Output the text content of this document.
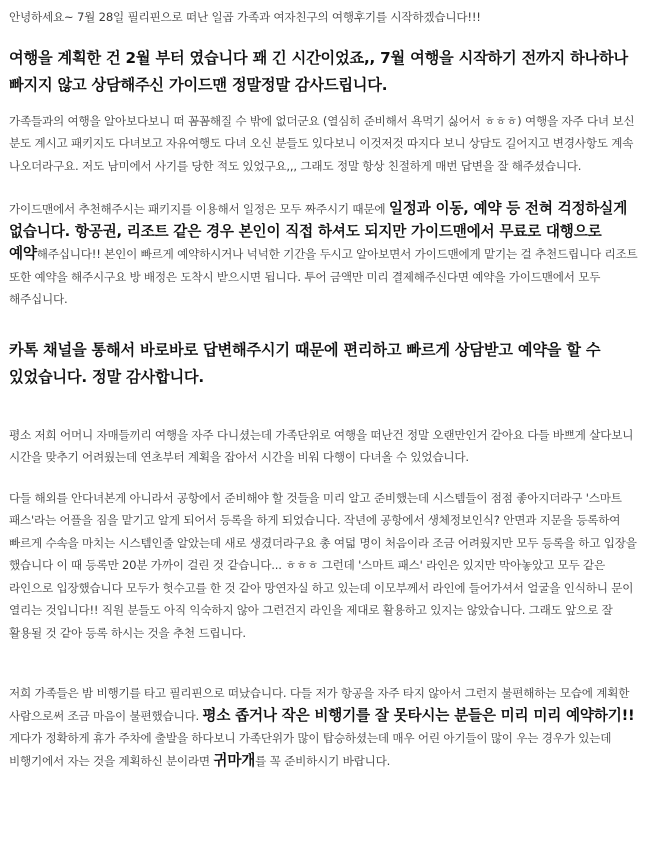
안녕하세요~ 7월 28일 필리핀으로 떠난 일곱 가족과 여자친구의 여행후기를 시작하겠습니다!!!

여행을 계획한 건 2월 부터 였습니다 꽤 긴 시간이었죠,, 7월 여행을 시작하기 전까지 하나하나 빠지지 않고 상담해주신 가이드맨 정말정말 감사드립니다.

가족들과의 여행을 알아보다보니 떠 꼼꼼해질 수 밖에 없더군요 (열심히 준비해서 욕먹기 싫어서 ㅎㅎㅎ) 여행을 자주 다녀 보신 분도 계시고 패키지도 다녀보고 자유여행도 다녀 오신 분들도 있다보니 이것저것 따지다 보니 상담도 길어지고 변경사항도 계속 나오더라구요. 저도 남미에서 사기를 당한 적도 있었구요,,, 그래도 정말 항상 친절하게 매번 답변을 잘 해주셨습니다.

가이드맨에서 추천해주시는 패키지를 이용해서 일정은 모두 짜주시기 때문에 일정과 이동, 예약 등 전혀 걱정하실게 없습니다. 항공권, 리조트 같은 경우 본인이 직접 하셔도 되지만 가이드맨에서 무료로 대행으로 예약해주십니다!! 본인이 빠르게 예약하시거나 넉넉한 기간을 두시고 알아보면서 가이드맨에게 맡기는 걸 추천드립니다 리조트 또한 예약을 해주시구요 방 배정은 도착시 받으시면 됩니다. 투어 금액만 미리 결제해주신다면 예약을 가이드맨에서 모두 해주십니다.

카톡 채널을 통해서 바로바로 답변해주시기 때문에 편리하고 빠르게 상담받고 예약을 할 수 있었습니다. 정말 감사합니다.

평소 저희 어머니 자매들끼리 여행을 자주 다니셨는데 가족단위로 여행을 떠난건 정말 오랜만인거 같아요 다들 바쁘게 살다보니 시간을 맞추기 어려웠는데 연초부터 계획을 잡아서 시간을 비워 다행이 다녀올 수 있었습니다.

다들 해외를 안다녀본게 아니라서 공항에서 준비해야 할 것들을 미리 알고 준비했는데 시스템들이 점점 좋아지더라구 '스마트 패스'라는 어플을 짐을 맡기고 알게 되어서 등록을 하게 되었습니다. 작년에 공항에서 생체정보인식? 안면과 지문을 등록하여 빠르게 수속을 마치는 시스템인줄 알았는데 새로 생겼더라구요 총 여덟 명이 처음이라 조금 어려웠지만 모두 등록을 하고 입장을 했습니다 이 때 등록만 20분 가까이 걸린 것 같습니다... ㅎㅎㅎ 그런데 '스마트 패스' 라인은 있지만 막아놓았고 모두 같은 라인으로 입장했습니다 모두가 헛수고를 한 것 같아 망연자실 하고 있는데 이모부께서 라인에 들어가셔서 얼굴을 인식하니 문이 열리는 것입니다!! 직원 분들도 아직 익숙하지 않아 그런건지 라인을 제대로 활용하고 있지는 않았습니다. 그래도 앞으로 잘 활용될 것 같아 등록 하시는 것을 추천 드립니다.

저희 가족들은 밤 비행기를 타고 필리핀으로 떠났습니다. 다들 저가 항공을 자주 타지 않아서 그런지 불편해하는 모습에 계획한 사람으로써 조금 마음이 불편했습니다. 평소 좁거나 작은 비행기를 잘 못타시는 분들은 미리 미리 예약하기!! 게다가 정확하게 휴가 주차에 출발을 하다보니 가족단위가 많이 탑승하셨는데 매우 어린 아기들이 많이 우는 경우가 있는데 비행기에서 자는 것을 계획하신 분이라면 귀마개를 꼭 준비하시기 바랍니다.
